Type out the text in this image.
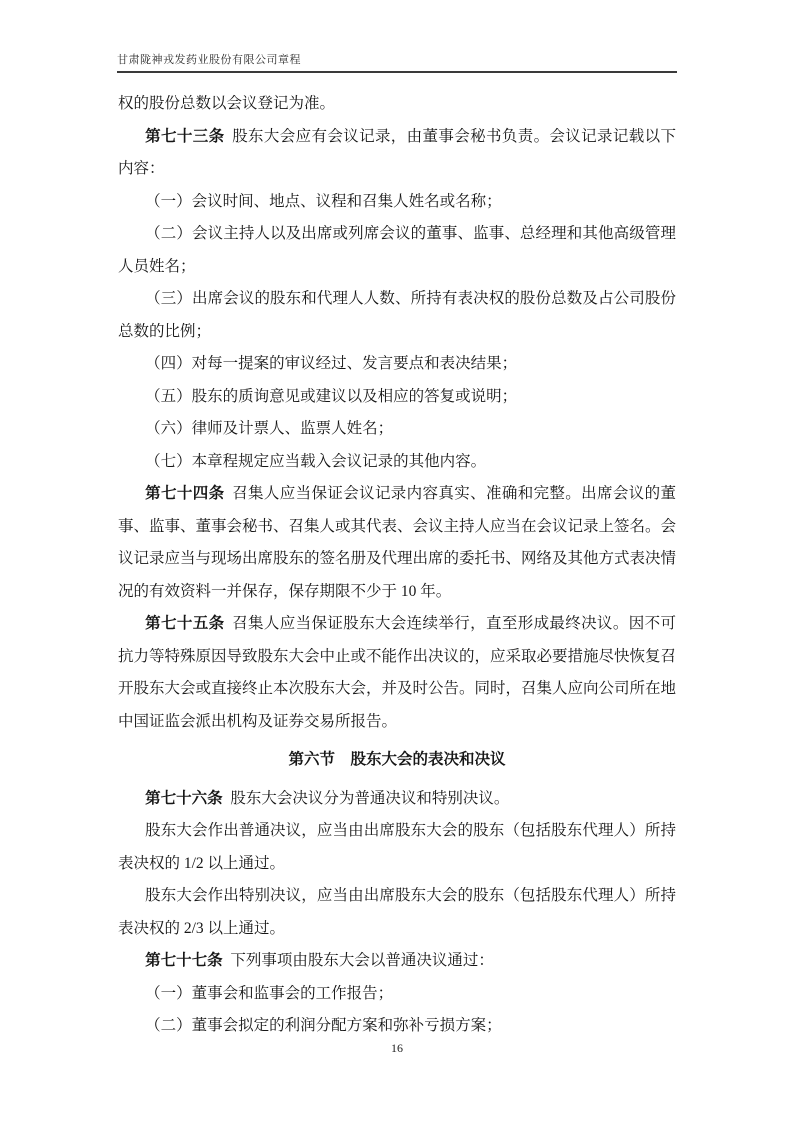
甘肃陇神戎发药业股份有限公司章程

权的股份总数以会议登记为准。

第七十三条 股东大会应有会议记录，由董事会秘书负责。会议记录记载以下内容：

（一）会议时间、地点、议程和召集人姓名或名称；

（二）会议主持人以及出席或列席会议的董事、监事、总经理和其他高级管理人员姓名；

（三）出席会议的股东和代理人人数、所持有表决权的股份总数及占公司股份总数的比例；

（四）对每一提案的审议经过、发言要点和表决结果；

（五）股东的质询意见或建议以及相应的答复或说明；

（六）律师及计票人、监票人姓名；

（七）本章程规定应当载入会议记录的其他内容。

第七十四条 召集人应当保证会议记录内容真实、准确和完整。出席会议的董事、监事、董事会秘书、召集人或其代表、会议主持人应当在会议记录上签名。会议记录应当与现场出席股东的签名册及代理出席的委托书、网络及其他方式表决情况的有效资料一并保存，保存期限不少于 10 年。

第七十五条 召集人应当保证股东大会连续举行，直至形成最终决议。因不可抗力等特殊原因导致股东大会中止或不能作出决议的，应采取必要措施尽快恢复召开股东大会或直接终止本次股东大会，并及时公告。同时，召集人应向公司所在地中国证监会派出机构及证券交易所报告。

第六节　股东大会的表决和决议

第七十六条 股东大会决议分为普通决议和特别决议。

股东大会作出普通决议，应当由出席股东大会的股东（包括股东代理人）所持表决权的 1/2 以上通过。

股东大会作出特别决议，应当由出席股东大会的股东（包括股东代理人）所持表决权的 2/3 以上通过。

第七十七条 下列事项由股东大会以普通决议通过：

（一）董事会和监事会的工作报告；

（二）董事会拟定的利润分配方案和弥补亏损方案；

16
